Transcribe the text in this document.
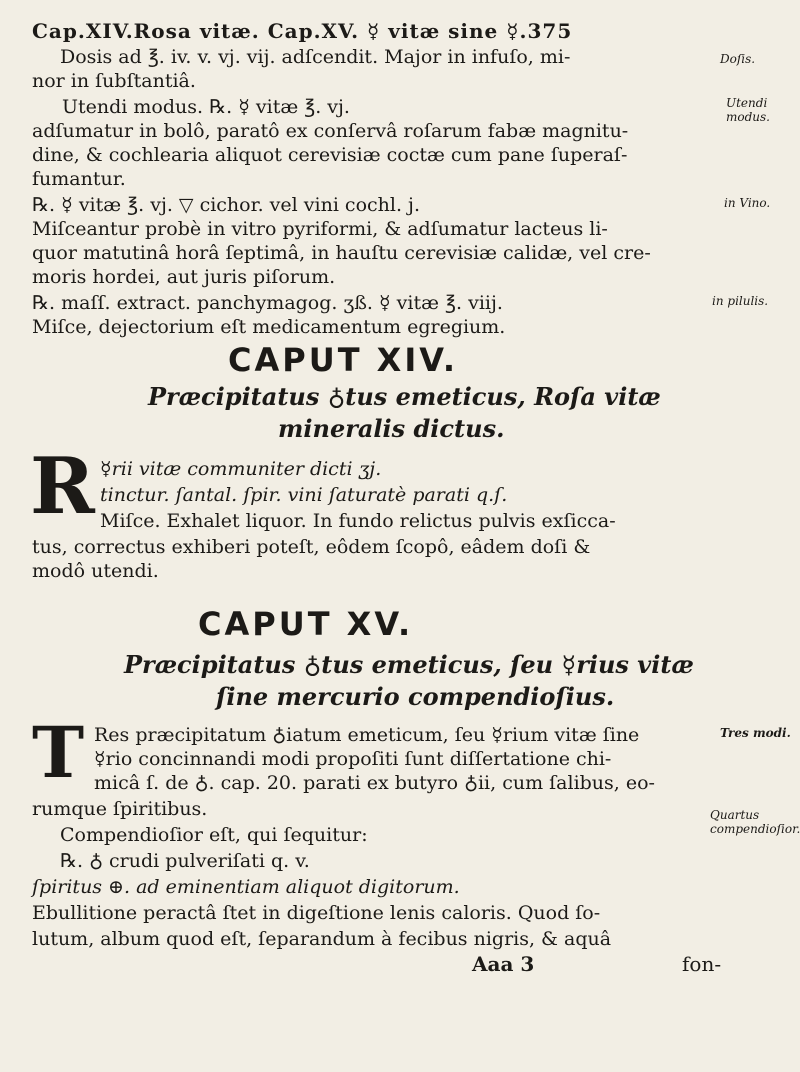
Cap.XIV.Rosa vitæ. Cap.XV. ☿ vitæ sine ☿.375
Dosis ad ℥. iv. v. vj. vij. adſcendit. Major in infuſo, mi-
nor in ſubſtantiâ.
Utendi modus. ℞. ☿ vitæ ℥. vj.
adſumatur in bolô, paratô ex conſervâ roſarum fabæ magnitu-
dine, & cochlearia aliquot cerevisiæ coctæ cum pane ſuperaſ-
fumantur.
℞. ☿ vitæ ℥. vj. ▽ cichor. vel vini cochl. j.
Miſceantur probè in vitro pyriformi, & adſumatur lacteus li-
quor matutinâ horâ ſeptimâ, in hauſtu cerevisiæ calidæ, vel cre-
moris hordei, aut juris piſorum.
℞. maſſ. extract. panchymagog. ʒß. ☿ vitæ ℥. viij.
Miſce, dejectorium eſt medicamentum egregium.
Doſis.
Utendi modus.
in Vino.
in pilulis.
CAPUT XIV.
Præcipitatus ♁tus emeticus, Roſa vitæ
mineralis dictus.
R ☿rii vitæ communiter dicti ʒj.
tinctur. ſantal. ſpir. vini ſaturatè parati q.ſ.
Miſce. Exhalet liquor. In fundo relictus pulvis exſicca-
tus, correctus exhiberi poteſt, eôdem ſcopô, eâdem doſi &
modô utendi.
CAPUT XV.
Præcipitatus ♁tus emeticus, ſeu ☿rius vitæ
ſine mercurio compendioſius.
T Res præcipitatum ♁iatum emeticum, ſeu ☿rium vitæ ſine
☿rio concinnandi modi propoſiti ſunt diſſertatione chi-
micâ ſ. de ♁. cap. 20. parati ex butyro ♁ii, cum ſalibus, eo-
rumque ſpiritibus.
Compendioſior eſt, qui ſequitur:
℞. ♁ crudi pulveriſati q. v.
ſpiritus ⊕. ad eminentiam aliquot digitorum.
Ebullitione peractâ ſtet in digeſtione lenis caloris. Quod ſo-
lutum, album quod eſt, ſeparandum à fecibus nigris, & aquâ
Tres modi.
Quartus compendioſior.
Aaa 3	fon-
